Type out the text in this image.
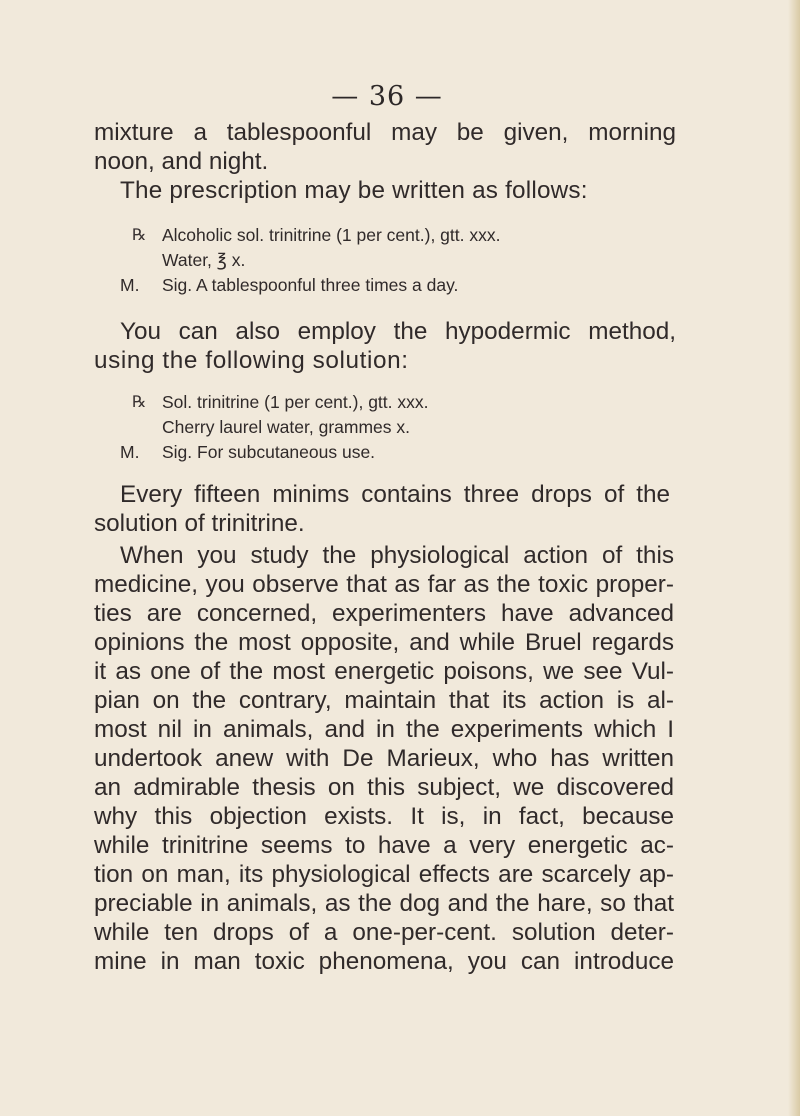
— 36 —
mixture a tablespoonful may be given, morning
noon, and night.
The prescription may be written as follows:
℞ Alcoholic sol. trinitrine (1 per cent.), gtt. xxx.
Water, ℥ x.
M. Sig. A tablespoonful three times a day.
You can also employ the hypodermic method,
using the following solution:
℞ Sol. trinitrine (1 per cent.), gtt. xxx.
Cherry laurel water, grammes x.
M. Sig. For subcutaneous use.
Every fifteen minims contains three drops of the
solution of trinitrine.
When you study the physiological action of this
medicine, you observe that as far as the toxic proper-
ties are concerned, experimenters have advanced
opinions the most opposite, and while Bruel regards
it as one of the most energetic poisons, we see Vul-
pian on the contrary, maintain that its action is al-
most nil in animals, and in the experiments which I
undertook anew with De Marieux, who has written
an admirable thesis on this subject, we discovered
why this objection exists. It is, in fact, because
while trinitrine seems to have a very energetic ac-
tion on man, its physiological effects are scarcely ap-
preciable in animals, as the dog and the hare, so that
while ten drops of a one-per-cent. solution deter-
mine in man toxic phenomena, you can introduce
